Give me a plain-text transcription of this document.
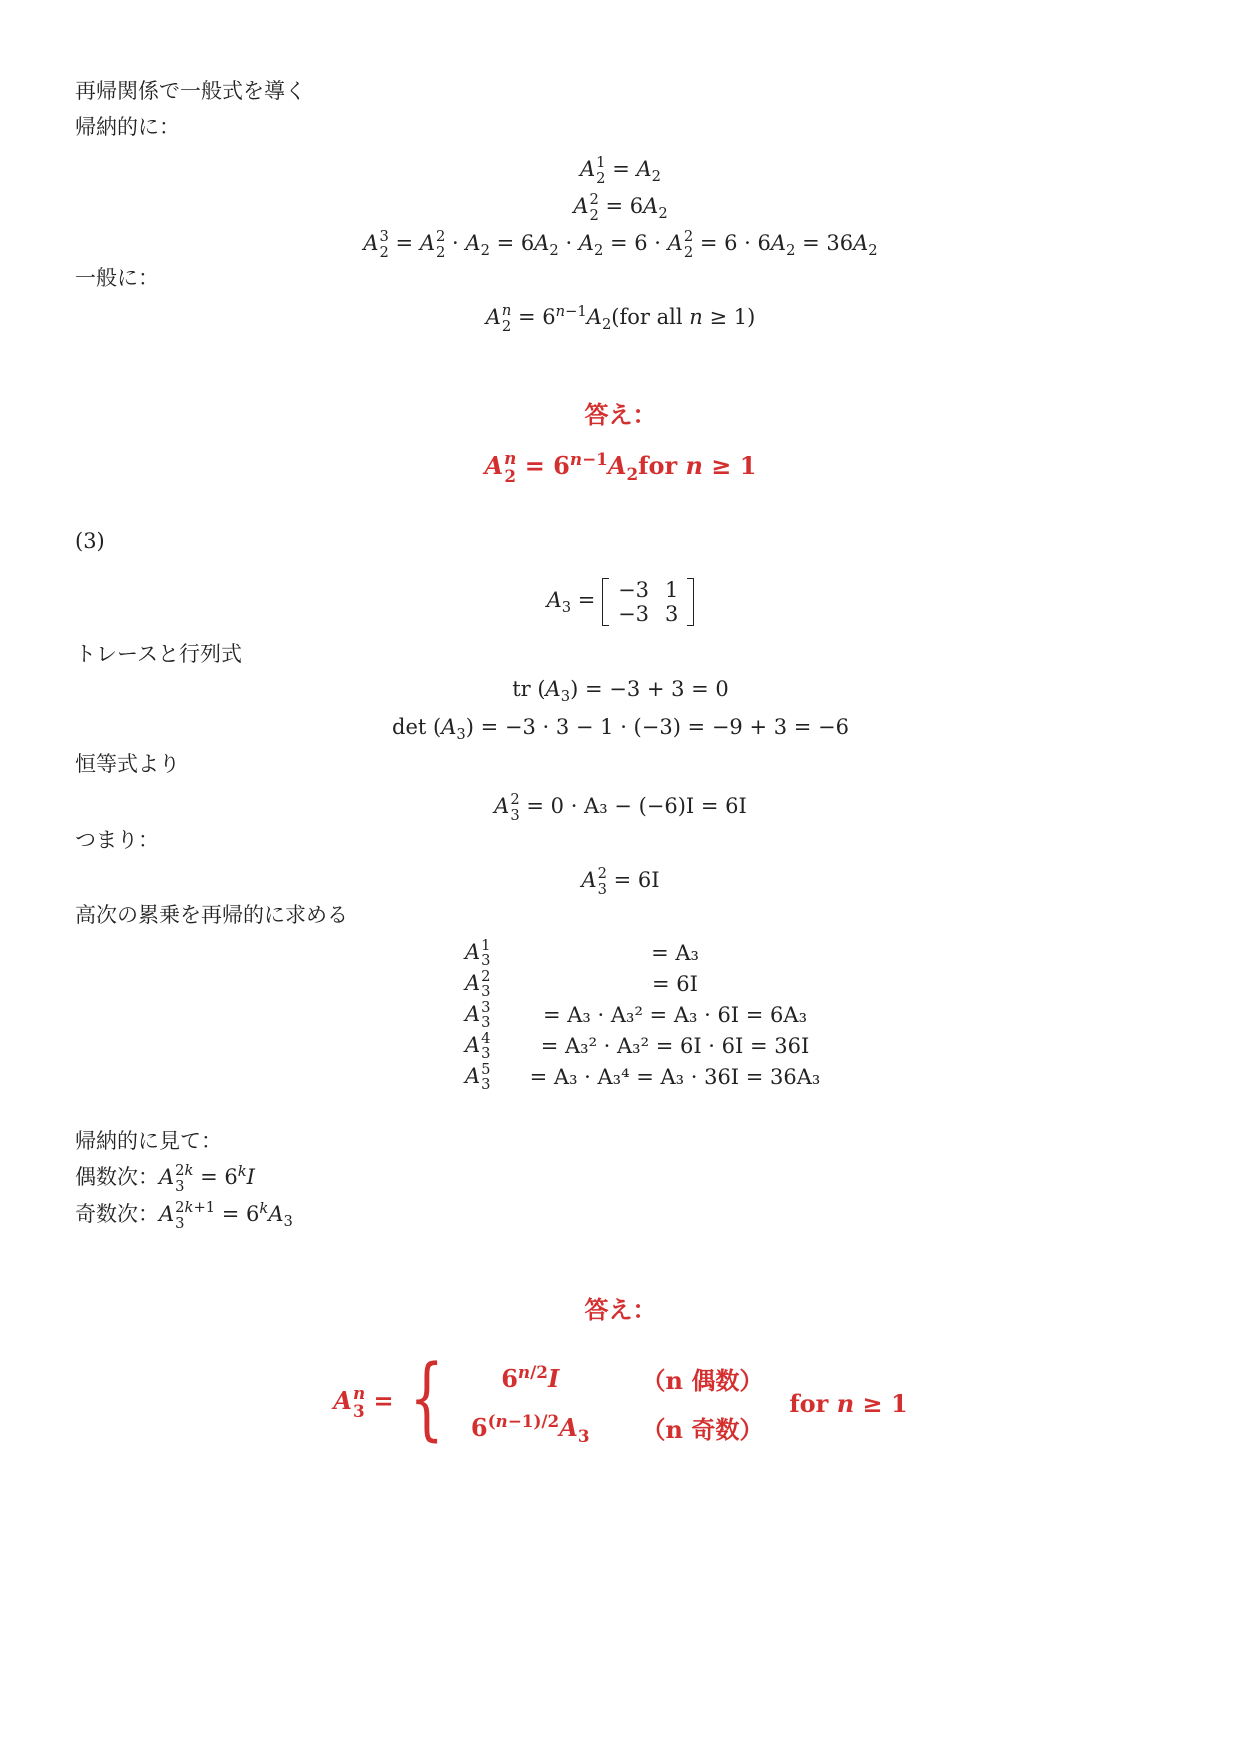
再帰関係で一般式を導く
帰納的に：
A 1
$2 = A_2$
A 2
$2 = 6A_2$
A 3
2 = A 2
$2 \cdot A_2 = 6A_2 \cdot A_2 = 6 \cdot A$ 2
$2 = 6 \cdot 6A_2 = 36A_2$
一般に：
A n
$2 = 6^{n-1}A_2(for$ all n ≥ 1)
答え：
A n
$2 = 6^{n-1}A_2for$ n ≥ 1
(3)
$A_3 = -3$	1
−3	3
トレースと行列式
tr $(A_3) = -3 + 3 = 0$
$\det (A_3) = -3 \cdot 3 - 1 \cdot (-3) = -9 + 3 = -6$
恒等式より
A 2
3 = 0 · A₃ − (−6)I = 6I
つまり：
A 2
3 = 6I
高次の累乗を再帰的に求める
A 1
3	= A₃
A 2
3	= 6I
A 3
3	= A₃ · A₃² = A₃ · 6I = 6A₃
A 4
3	= A₃² · A₃² = 6I · 6I = 36I
A 5
3	= A₃ · A₃⁴ = A₃ · 36I = 36A₃
帰納的に見て：
偶数次：A 2k
$3 = 6^kI$
奇数次：A 2k+1
3	= $6^kA_3$
答え：
A n
3 = { $6^{n/2}I$	（n 偶数）
$6^{(n-1)/2}A_3$	（n 奇数）
for n ≥ 1
